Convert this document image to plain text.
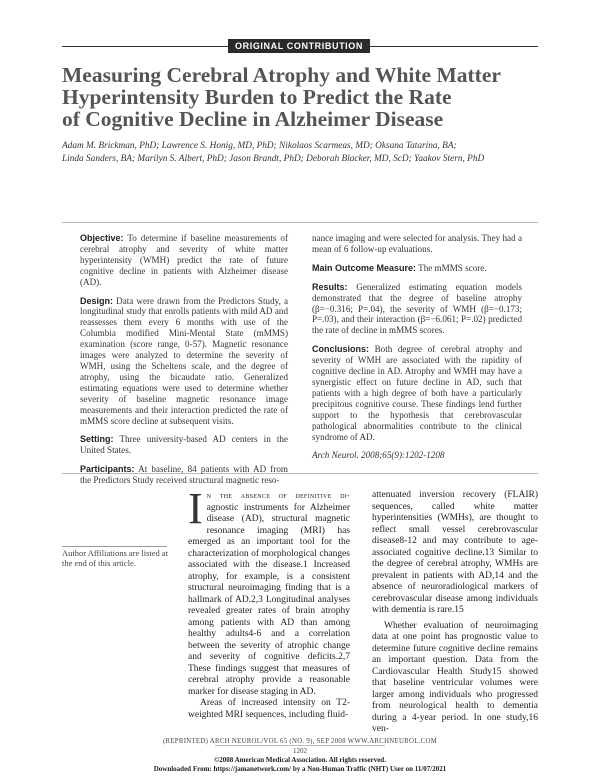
ORIGINAL CONTRIBUTION
Measuring Cerebral Atrophy and White Matter
Hyperintensity Burden to Predict the Rate
of Cognitive Decline in Alzheimer Disease
Adam M. Brickman, PhD; Lawrence S. Honig, MD, PhD; Nikolaos Scarmeas, MD; Oksana Tatarina, BA;
Linda Sanders, BA; Marilyn S. Albert, PhD; Jason Brandt, PhD; Deborah Blacker, MD, ScD; Yaakov Stern, PhD

Objective: To determine if baseline measurements of cerebral atrophy and severity of white matter hyperintensity (WMH) predict the rate of future cognitive decline in patients with Alzheimer disease (AD).

Design: Data were drawn from the Predictors Study, a longitudinal study that enrolls patients with mild AD and reassesses them every 6 months with use of the Columbia modified Mini-Mental State (mMMS) examination (score range, 0-57). Magnetic resonance images were analyzed to determine the severity of WMH, using the Scheltens scale, and the degree of atrophy, using the bicaudate ratio. Generalized estimating equations were used to determine whether severity of baseline magnetic resonance image measurements and their interaction predicted the rate of mMMS score decline at subsequent visits.

Setting: Three university-based AD centers in the United States.

Participants: At baseline, 84 patients with AD from the Predictors Study received structural magnetic reso-

nance imaging and were selected for analysis. They had a mean of 6 follow-up evaluations.

Main Outcome Measure: The mMMS score.

Results: Generalized estimating equation models demonstrated that the degree of baseline atrophy (β=−0.316; P=.04), the severity of WMH (β=−0.173; P=.03), and their interaction (β=−6.061; P=.02) predicted the rate of decline in mMMS scores.

Conclusions: Both degree of cerebral atrophy and severity of WMH are associated with the rapidity of cognitive decline in AD. Atrophy and WMH may have a synergistic effect on future decline in AD, such that patients with a high degree of both have a particularly precipitous cognitive course. These findings lend further support to the hypothesis that cerebrovascular pathological abnormalities contribute to the clinical syndrome of AD.

Arch Neurol. 2008;65(9):1202-1208

In the absence of definitive di- agnostic instruments for Alzheimer disease (AD), structural magnetic resonance imaging (MRI) has emerged as an important tool for the characterization of morphological changes associated with the disease.1 Increased atrophy, for example, is a consistent structural neuroimaging finding that is a hallmark of AD.2,3 Longitudinal analyses revealed greater rates of brain atrophy among patients with AD than among healthy adults4-6 and a correlation between the severity of atrophic change and severity of cognitive deficits.2,7 These findings suggest that measures of cerebral atrophy provide a reasonable marker for disease staging in AD.

Areas of increased intensity on T2-weighted MRI sequences, including fluid-

attenuated inversion recovery (FLAIR) sequences, called white matter hyperintensities (WMHs), are thought to reflect small vessel cerebrovascular disease8-12 and may contribute to age-associated cognitive decline.13 Similar to the degree of cerebral atrophy, WMHs are prevalent in patients with AD,14 and the absence of neuroradiological markers of cerebrovascular disease among individuals with dementia is rare.15

Whether evaluation of neuroimaging data at one point has prognostic value to determine future cognitive decline remains an important question. Data from the Cardiovascular Health Study15 showed that baseline ventricular volumes were larger among individuals who progressed from neurological health to dementia during a 4-year period. In one study,16 ven-

Author Affiliations are listed at the end of this article.
(REPRINTED) ARCH NEUROL/VOL 65 (NO. 9), SEP 2008 WWW.ARCHNEUROL.COM
1202
©2008 American Medical Association. All rights reserved.
Downloaded From: https://jamanetwork.com/ by a Non-Human Traffic (NHT) User on 11/07/2021
